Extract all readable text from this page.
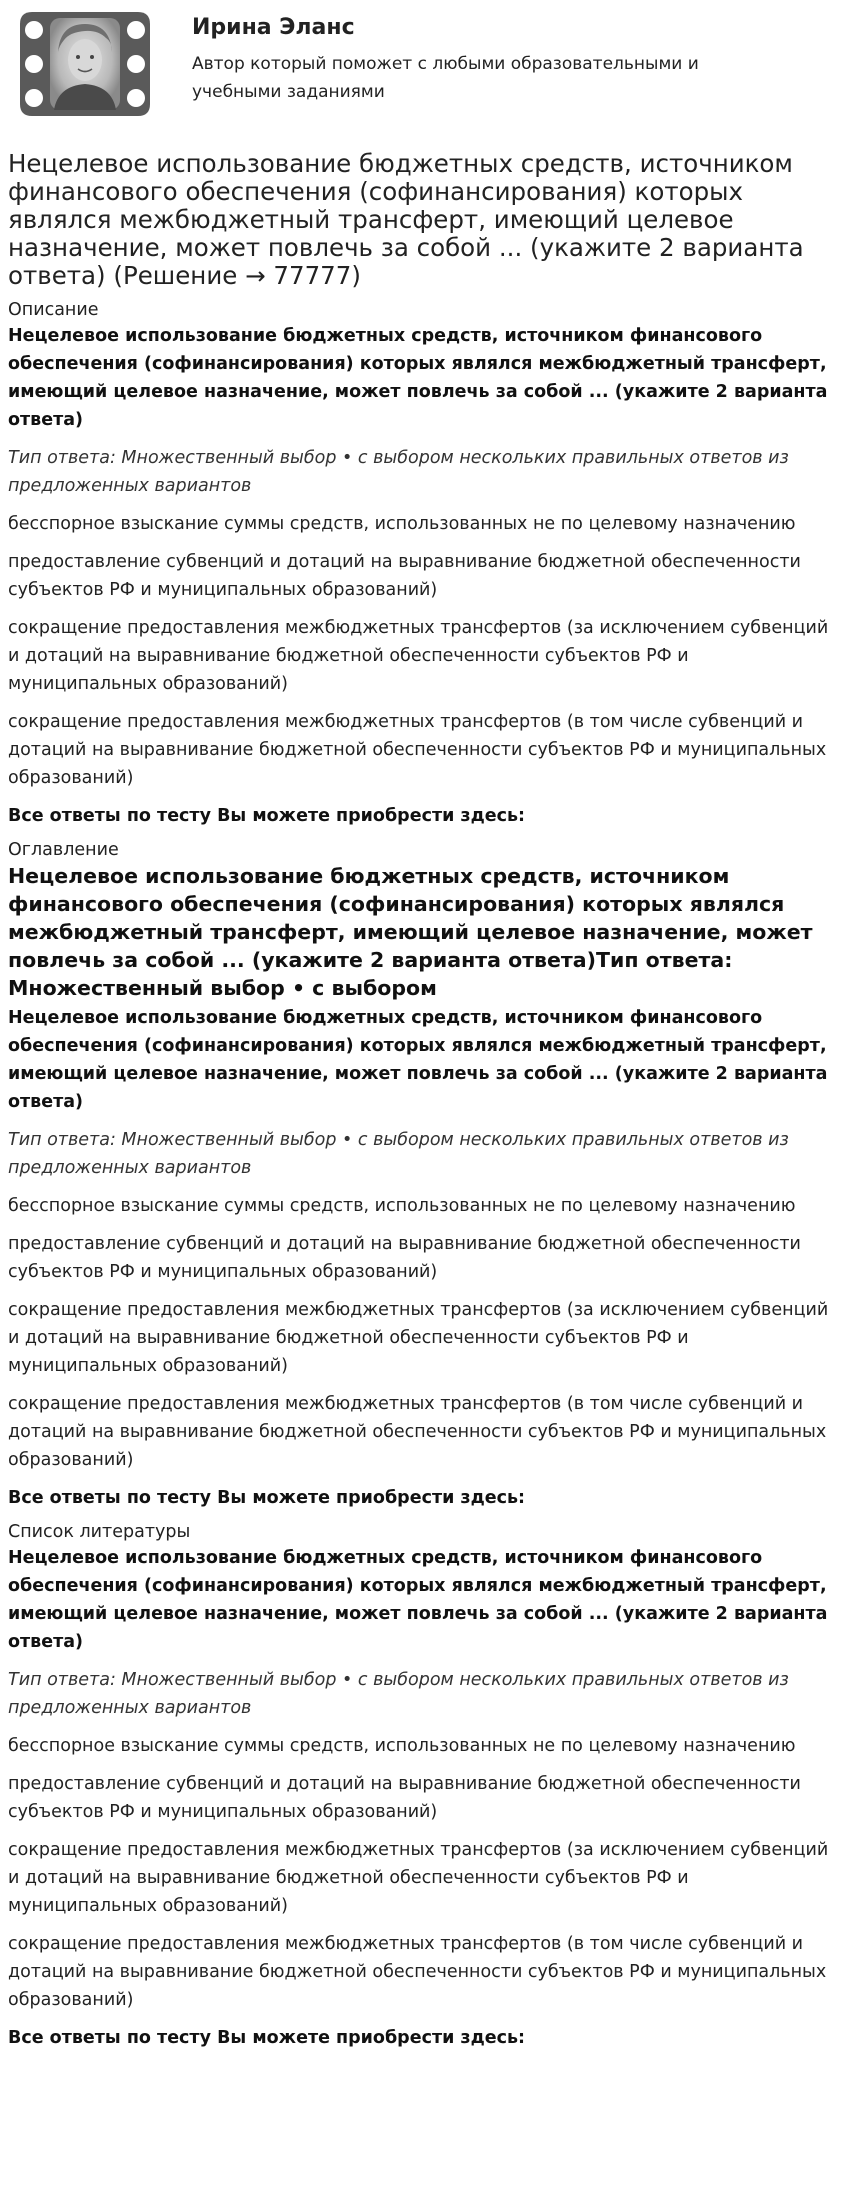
Ирина Эланс
Автор который поможет с любыми образовательными и учебными заданиями
Нецелевое использование бюджетных средств, источником финансового обеспечения (софинансирования) которых являлся межбюджетный трансферт, имеющий целевое назначение, может повлечь за собой ... (укажите 2 варианта ответа) (Решение → 77777)
Описание

Нецелевое использование бюджетных средств, источником финансового обеспечения (софинансирования) которых являлся межбюджетный трансферт, имеющий целевое назначение, может повлечь за собой ... (укажите 2 варианта ответа)

Тип ответа: Множественный выбор • с выбором нескольких правильных ответов из предложенных вариантов

бесспорное взыскание суммы средств, использованных не по целевому назначению

предоставление субвенций и дотаций на выравнивание бюджетной обеспеченности субъектов РФ и муниципальных образований)

сокращение предоставления межбюджетных трансфертов (за исключением субвенций и дотаций на выравнивание бюджетной обеспеченности субъектов РФ и муниципальных образований)

сокращение предоставления межбюджетных трансфертов (в том числе субвенций и дотаций на выравнивание бюджетной обеспеченности субъектов РФ и муниципальных образований)

Все ответы по тесту Вы можете приобрести здесь:

Оглавление
Нецелевое использование бюджетных средств, источником финансового обеспечения (софинансирования) которых являлся межбюджетный трансферт, имеющий целевое назначение, может повлечь за собой ... (укажите 2 варианта ответа)Тип ответа: Множественный выбор • с выбором

Нецелевое использование бюджетных средств, источником финансового обеспечения (софинансирования) которых являлся межбюджетный трансферт, имеющий целевое назначение, может повлечь за собой ... (укажите 2 варианта ответа)

Тип ответа: Множественный выбор • с выбором нескольких правильных ответов из предложенных вариантов

бесспорное взыскание суммы средств, использованных не по целевому назначению

предоставление субвенций и дотаций на выравнивание бюджетной обеспеченности субъектов РФ и муниципальных образований)

сокращение предоставления межбюджетных трансфертов (за исключением субвенций и дотаций на выравнивание бюджетной обеспеченности субъектов РФ и муниципальных образований)

сокращение предоставления межбюджетных трансфертов (в том числе субвенций и дотаций на выравнивание бюджетной обеспеченности субъектов РФ и муниципальных образований)

Все ответы по тесту Вы можете приобрести здесь:

Список литературы

Нецелевое использование бюджетных средств, источником финансового обеспечения (софинансирования) которых являлся межбюджетный трансферт, имеющий целевое назначение, может повлечь за собой ... (укажите 2 варианта ответа)

Тип ответа: Множественный выбор • с выбором нескольких правильных ответов из предложенных вариантов

бесспорное взыскание суммы средств, использованных не по целевому назначению

предоставление субвенций и дотаций на выравнивание бюджетной обеспеченности субъектов РФ и муниципальных образований)

сокращение предоставления межбюджетных трансфертов (за исключением субвенций и дотаций на выравнивание бюджетной обеспеченности субъектов РФ и муниципальных образований)

сокращение предоставления межбюджетных трансфертов (в том числе субвенций и дотаций на выравнивание бюджетной обеспеченности субъектов РФ и муниципальных образований)

Все ответы по тесту Вы можете приобрести здесь:
